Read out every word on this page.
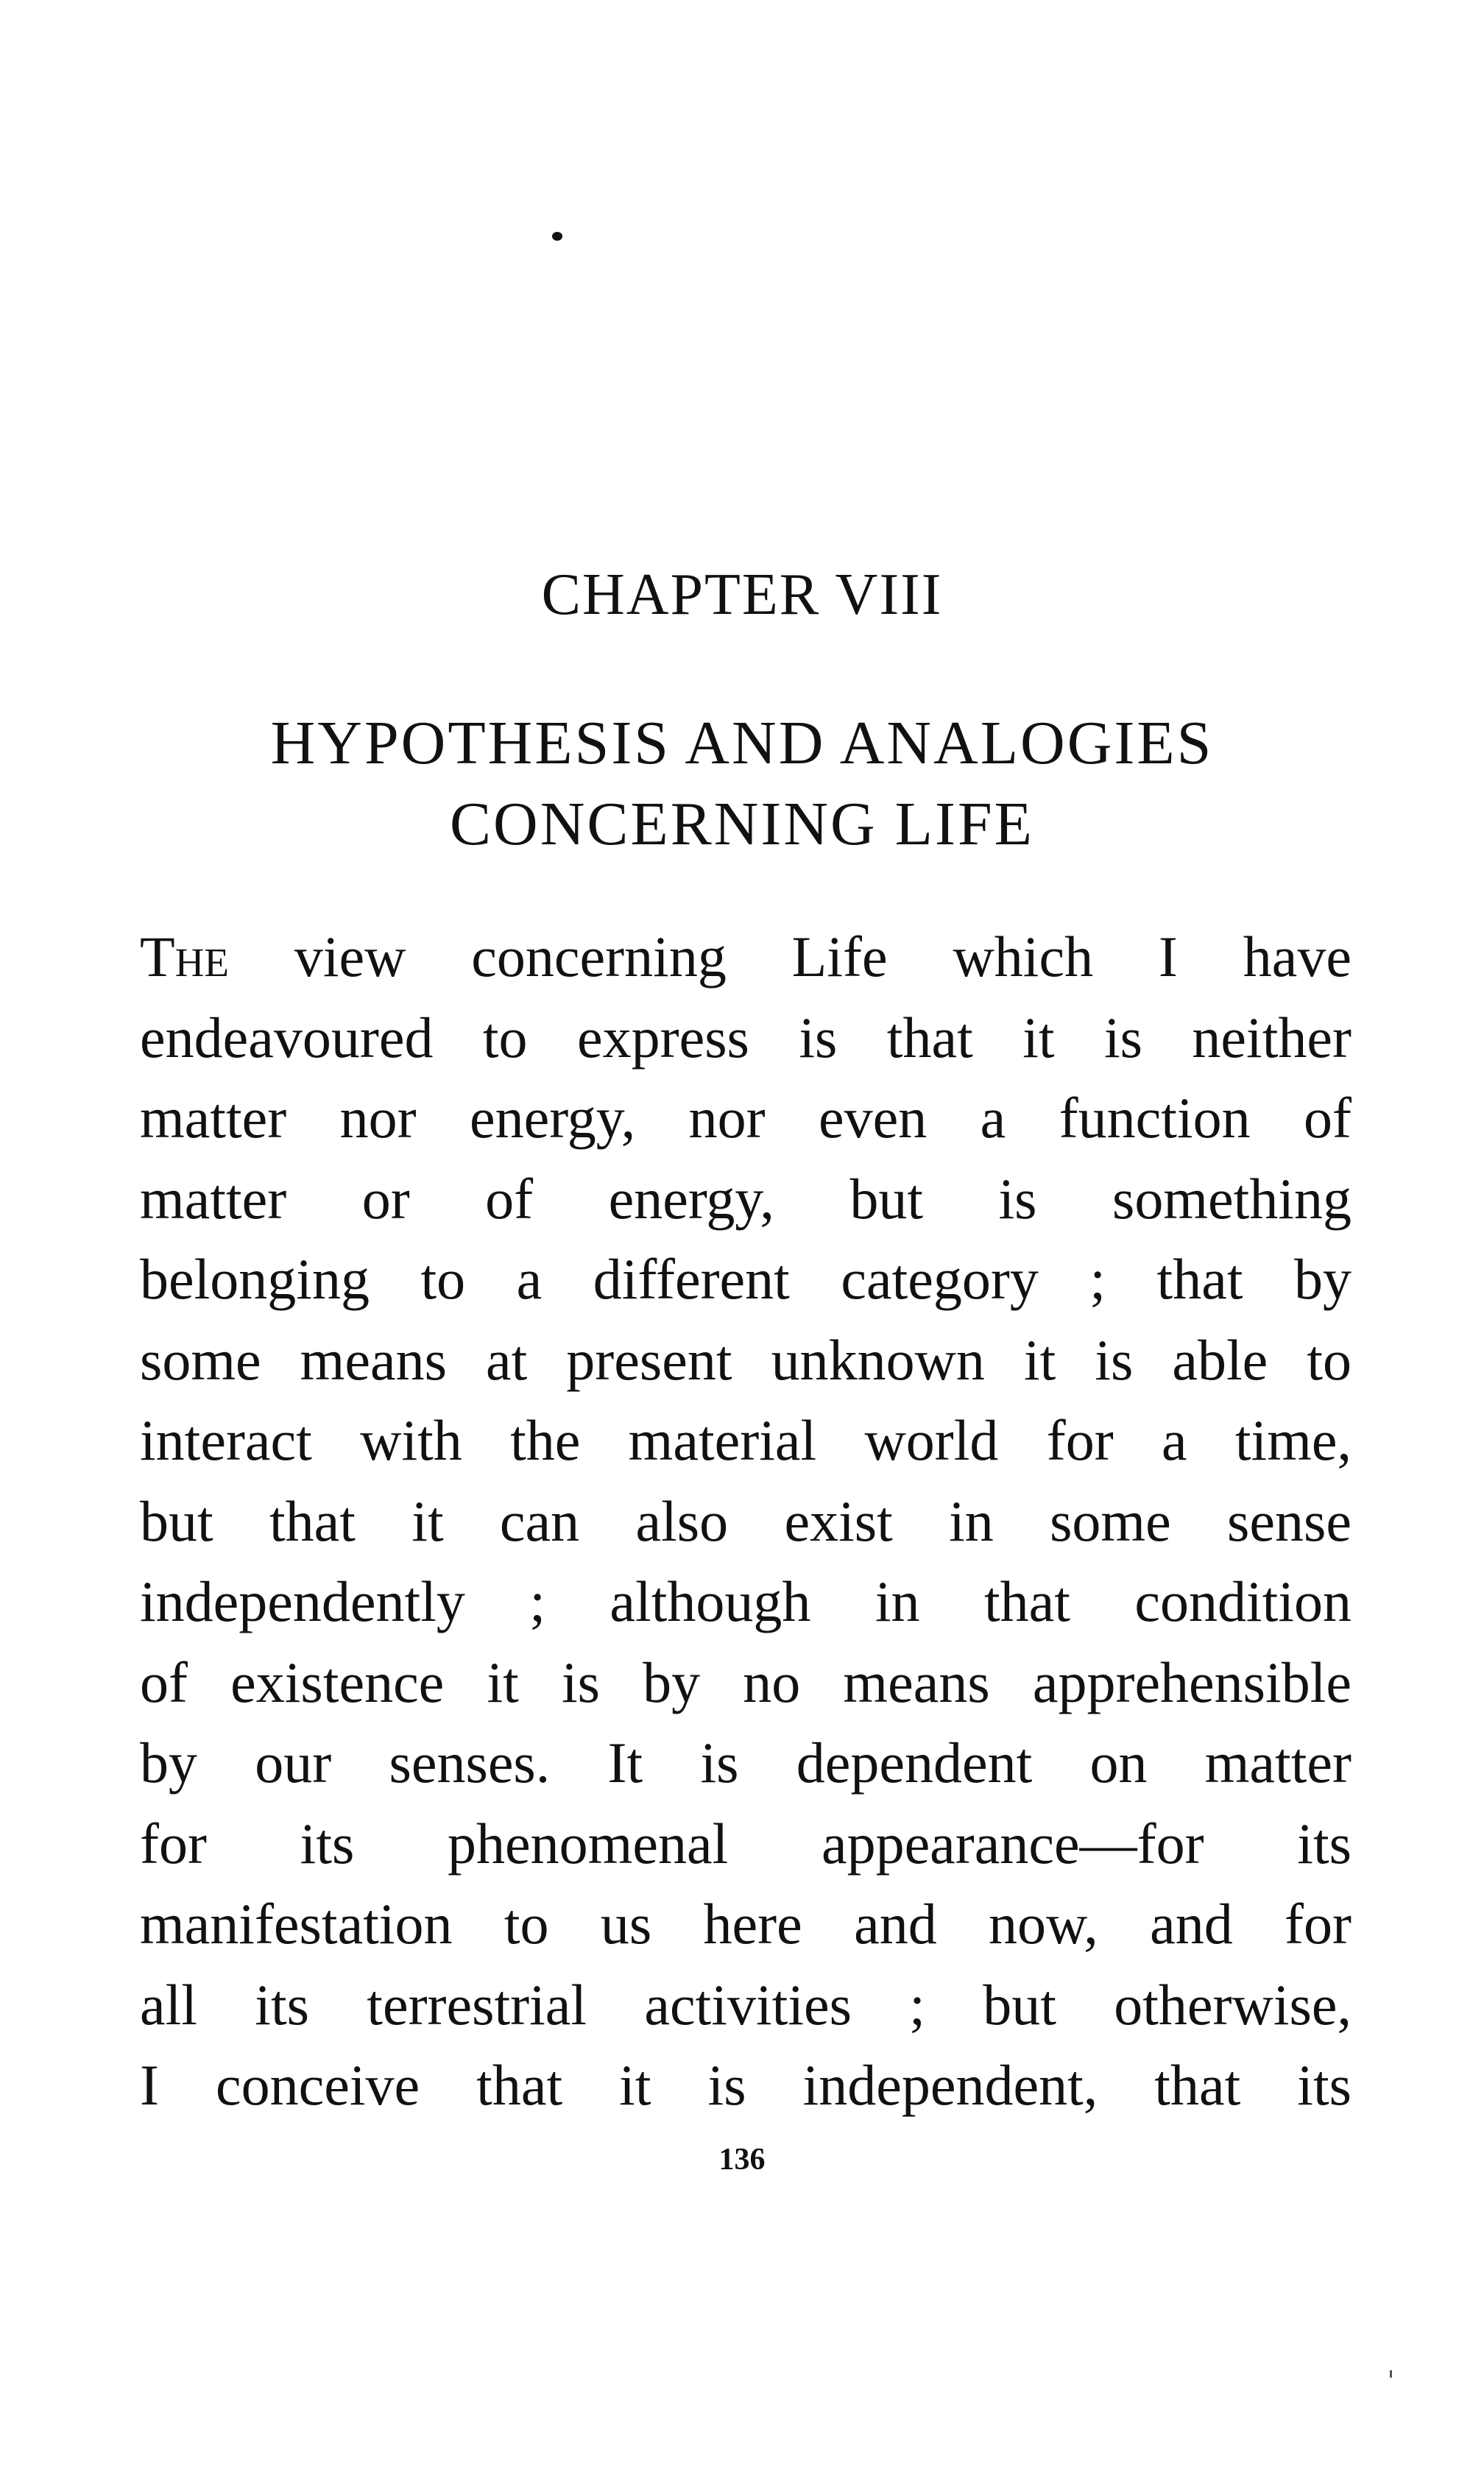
CHAPTER VIII
HYPOTHESIS AND ANALOGIES
CONCERNING LIFE
The view concerning Life which I have
endeavoured to express is that it is neither
matter nor energy, nor even a function of
matter or of energy, but is something
belonging to a different category ; that by
some means at present unknown it is able to
interact with the material world for a time,
but that it can also exist in some sense
independently ; although in that condition
of existence it is by no means apprehensible
by our senses. It is dependent on matter
for its phenomenal appearance—for its
manifestation to us here and now, and for
all its terrestrial activities ; but otherwise,
I conceive that it is independent, that its
136
